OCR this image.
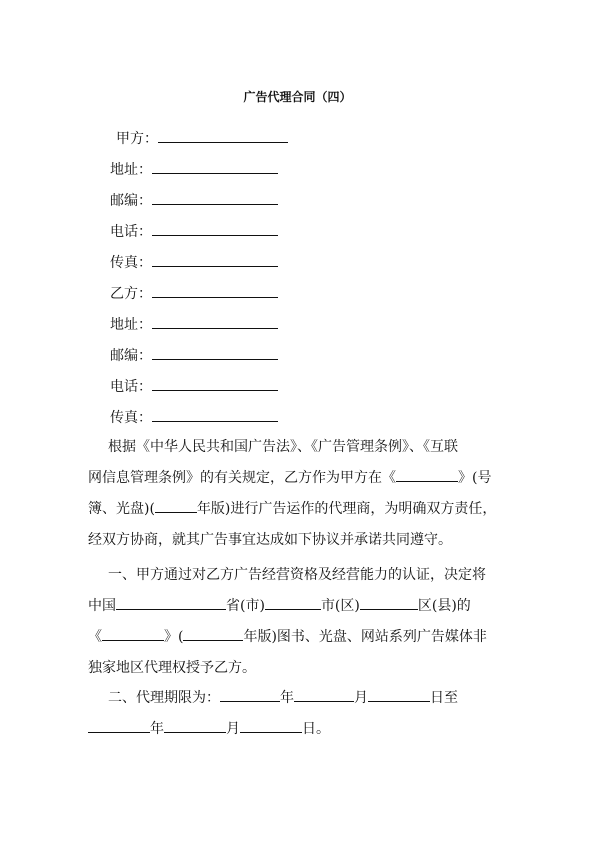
广告代理合同（四）
甲方：
地址：
邮编：
电话：
传真：
乙方：
地址：
邮编：
电话：
传真：
根据《中华人民共和国广告法》、《广告管理条例》、《互联
网信息管理条例》的有关规定，乙方作为甲方在《	》(号
簿、光盘)(	年版)进行广告运作的代理商，为明确双方责任，
经双方协商，就其广告事宜达成如下协议并承诺共同遵守。
一、甲方通过对乙方广告经营资格及经营能力的认证，决定将
中国	省(市)	市(区)	区(县)的
《	》(	年版)图书、光盘、网站系列广告媒体非
独家地区代理权授予乙方。
二、代理期限为：	年	月	日至
年	月	日。
